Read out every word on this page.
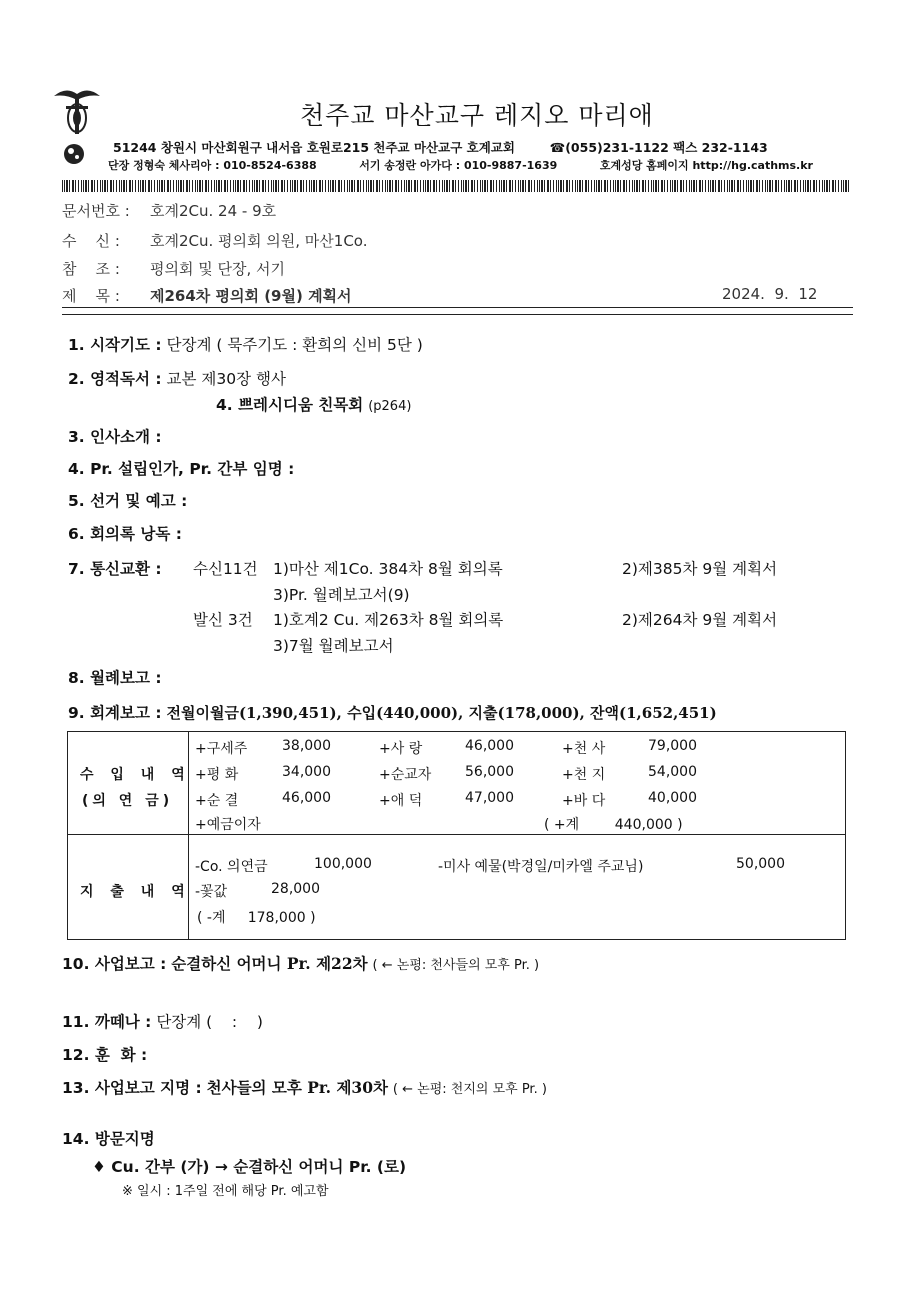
천주교 마산교구 레지오 마리애
51244 창원시 마산회원구 내서읍 호원로215 천주교 마산교구 호계교회	☎(055)231-1122 팩스 232-1143
단장 정형숙 체사리아 : 010-8524-6388	서기 송정란 아가다 : 010-9887-1639	호계성당 홈페이지 http://hg.cathms.kr
문서번호 : 호계2Cu. 24 - 9호
수    신 : 호계2Cu. 평의회 의원, 마산1Co.
참    조 : 평의회 및 단장, 서기
제    목 : 제264차 평의회 (9월) 계획서	2024.  9.  12
1. 시작기도 : 단장계 ( 묵주기도 : 환희의 신비 5단 )
2. 영적독서 : 교본 제30장 행사
4. 쁘레시디움 친목회 (p264)
3. 인사소개 :
4. Pr. 설립인가, Pr. 간부 임명 :
5. 선거 및 예고 :
6. 회의록 낭독 :
7. 통신교환 : 수신11건 1)마산 제1Co. 384차 8월 회의록	2)제385차 9월 계획서
3)Pr. 월례보고서(9)
발신 3건 1)호계2 Cu. 제263차 8월 회의록	2)제264차 9월 계획서
3)7월 월례보고서
8. 월례보고 :
9. 회계보고 : 전월이월금(1,390,451), 수입(440,000), 지출(178,000), 잔액(1,652,451)
수 입 내 역
(의 연 금)
+구세주 38,000	+사 랑	46,000	+천 사	79,000
+평 화	34,000	+순교자 56,000	+천 지	54,000
+순 결	46,000	+애 덕	47,000	+바 다	40,000
+예금이자	( +계        440,000 )
지 출 내 역
-Co. 의연금	100,000	-미사 예물(박경일/미카엘 주교님)	50,000
-꽃값	28,000
( -계     178,000 )
10. 사업보고 : 순결하신 어머니 Pr. 제22차 ( ← 논평: 천사들의 모후 Pr. )
11. 까떼나 : 단장계 (    :    )
12. 훈  화 :
13. 사업보고 지명 : 천사들의 모후 Pr. 제30차 ( ← 논평: 천지의 모후 Pr. )
14. 방문지명
♦ Cu. 간부 (가) → 순결하신 어머니 Pr. (로)
※ 일시 : 1주일 전에 해당 Pr. 예고함
